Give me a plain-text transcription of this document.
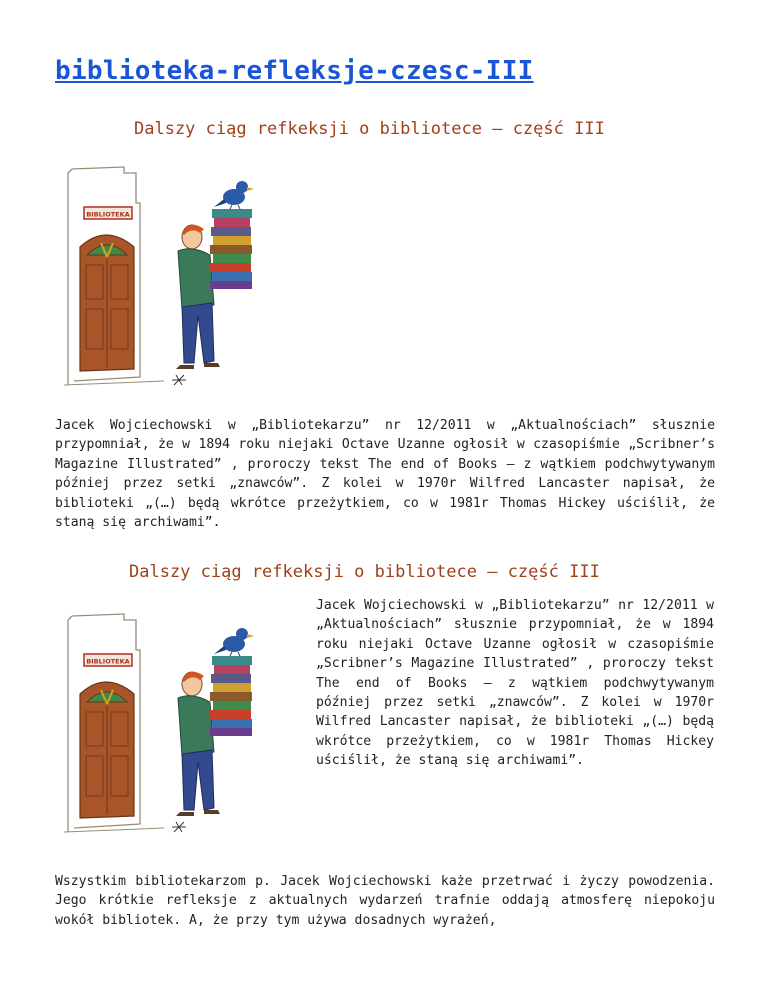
biblioteka-refleksje-czesc-III
Dalszy ciąg refkeksji o bibliotece – część III
BIBLIOTEKA

Jacek Wojciechowski w „Bibliotekarzu” nr 12/2011 w „Aktualnościach” słusznie przypomniał, że w 1894 roku niejaki Octave Uzanne ogłosił w czasopiśmie „Scribner’s Magazine Illustrated” , proroczy tekst The end of Books – z wątkiem podchwytywanym później przez setki „znawców”. Z kolei w 1970r Wilfred Lancaster napisał, że biblioteki „(…) będą wkrótce przeżytkiem, co w 1981r Thomas Hickey uściślił, że staną się archiwami”.

Dalszy ciąg refkeksji o bibliotece – część III
BIBLIOTEKA

Jacek Wojciechowski w „Bibliotekarzu” nr 12/2011 w „Aktualnościach” słusznie przypomniał, że w 1894 roku niejaki Octave Uzanne ogłosił w czasopiśmie „Scribner’s Magazine Illustrated” , proroczy tekst The end of Books – z wątkiem podchwytywanym później przez setki „znawców”. Z kolei w 1970r Wilfred Lancaster napisał, że biblioteki „(…) będą wkrótce przeżytkiem, co w 1981r Thomas Hickey uściślił, że staną się archiwami”.

Wszystkim bibliotekarzom p. Jacek Wojciechowski każe przetrwać i życzy powodzenia. Jego krótkie refleksje z aktualnych wydarzeń trafnie oddają atmosferę niepokoju wokół bibliotek. A, że przy tym używa dosadnych wyrażeń,
